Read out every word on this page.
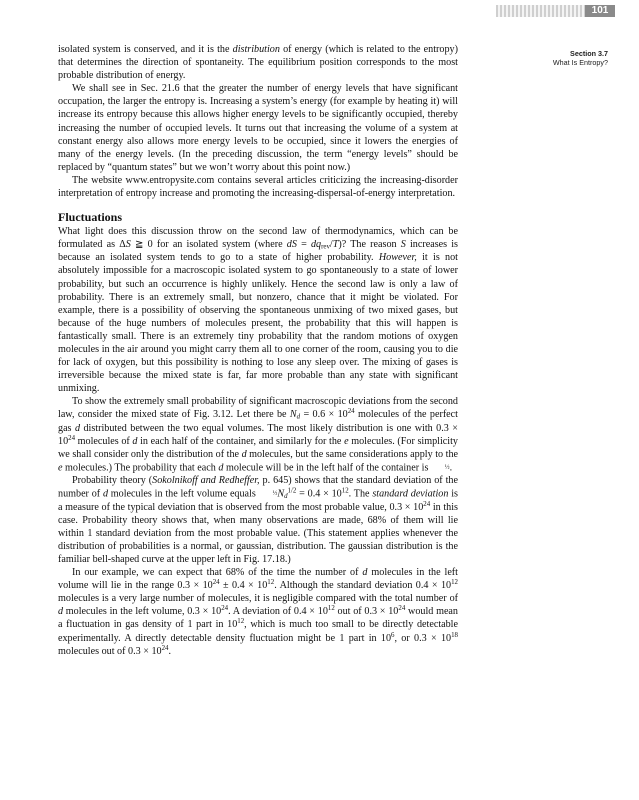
101
Section 3.7
What Is Entropy?

isolated system is conserved, and it is the distribution of energy (which is related to the entropy) that determines the direction of spontaneity. The equilibrium position corresponds to the most probable distribution of energy.

We shall see in Sec. 21.6 that the greater the number of energy levels that have significant occupation, the larger the entropy is. Increasing a system’s energy (for example by heating it) will increase its entropy because this allows higher energy levels to be significantly occupied, thereby increasing the number of occupied levels. It turns out that increasing the volume of a system at constant energy also allows more energy levels to be occupied, since it lowers the energies of many of the energy levels. (In the preceding discussion, the term “energy levels” should be replaced by “quantum states” but we won’t worry about this point now.)

The website www.entropysite.com contains several articles criticizing the increasing-disorder interpretation of entropy increase and promoting the increasing-dispersal-of-energy interpretation.

Fluctuations

What light does this discussion throw on the second law of thermodynamics, which can be formulated as ΔS ≧ 0 for an isolated system (where dS = $dq_{rev}/T$)? The reason S increases is because an isolated system tends to go to a state of higher probability. However, it is not absolutely impossible for a macroscopic isolated system to go spontaneously to a state of lower probability, but such an occurrence is highly unlikely. Hence the second law is only a law of probability. There is an extremely small, but nonzero, chance that it might be violated. For example, there is a possibility of observing the spontaneous unmixing of two mixed gases, but because of the huge numbers of molecules present, the probability that this will happen is fantastically small. There is an extremely tiny probability that the random motions of oxygen molecules in the air around you might carry them all to one corner of the room, causing you to die for lack of oxygen, but this possibility is nothing to lose any sleep over. The mixing of gases is irreversible because the mixed state is far, far more probable than any state with significant unmixing.

To show the extremely small probability of significant macroscopic deviations from the second law, consider the mixed state of Fig. 3.12. Let there be $N_d = 0.6 \times 10^{24}$ molecules of the perfect gas d distributed between the two equal volumes. The most likely distribution is one with $0.3 \times 10^{24}$ molecules of d in each half of the container, and similarly for the e molecules. (For simplicity we shall consider only the distribution of the d molecules, but the same considerations apply to the e molecules.) The probability that each d molecule will be in the left half of the container is ½.

Probability theory (Sokolnikoff and Redheffer, p. 645) shows that the standard deviation of the number of d molecules in the left volume equals $\frac{1}{2}N_d^{1/2} = 0.4 \times 10^{12}$. The standard deviation is a measure of the typical deviation that is observed from the most probable value, $0.3 \times 10^{24}$ in this case. Probability theory shows that, when many observations are made, 68% of them will lie within 1 standard deviation from the most probable value. (This statement applies whenever the distribution of probabilities is a normal, or gaussian, distribution. The gaussian distribution is the familiar bell-shaped curve at the upper left in Fig. 17.18.)

In our example, we can expect that 68% of the time the number of d molecules in the left volume will lie in the range $0.3 \times 10^{24} \pm 0.4 \times 10^{12}$. Although the standard deviation $0.4 \times 10^{12}$ molecules is a very large number of molecules, it is negligible compared with the total number of d molecules in the left volume, $0.3 \times 10^{24}$. A deviation of $0.4 \times 10^{12}$ out of $0.3 \times 10^{24}$ would mean a fluctuation in gas density of 1 part in $10^{12}$, which is much too small to be directly detectable experimentally. A directly detectable density fluctuation might be 1 part in $10^6$, or $0.3 \times 10^{18}$ molecules out of $0.3 \times 10^{24}$.
